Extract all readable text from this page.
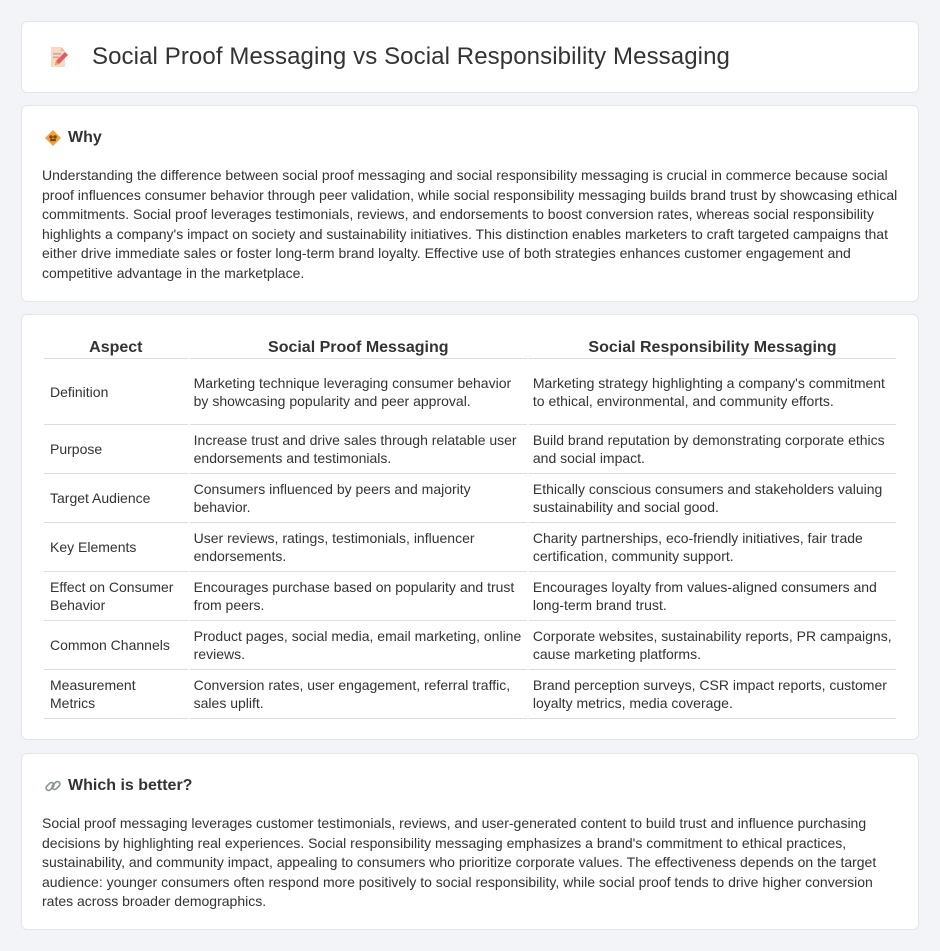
Social Proof Messaging vs Social Responsibility Messaging
Why

Understanding the difference between social proof messaging and social responsibility messaging is crucial in commerce because social proof influences consumer behavior through peer validation, while social responsibility messaging builds brand trust by showcasing ethical commitments. Social proof leverages testimonials, reviews, and endorsements to boost conversion rates, whereas social responsibility highlights a company's impact on society and sustainability initiatives. This distinction enables marketers to craft targeted campaigns that either drive immediate sales or foster long-term brand loyalty. Effective use of both strategies enhances customer engagement and competitive advantage in the marketplace.

Aspect	Social Proof Messaging	Social Responsibility Messaging
Definition	Marketing technique leveraging consumer behavior by showcasing popularity and peer approval.	Marketing strategy highlighting a company's commitment to ethical, environmental, and community efforts.
Purpose	Increase trust and drive sales through relatable user endorsements and testimonials.	Build brand reputation by demonstrating corporate ethics and social impact.
Target Audience	Consumers influenced by peers and majority behavior.	Ethically conscious consumers and stakeholders valuing sustainability and social good.
Key Elements	User reviews, ratings, testimonials, influencer endorsements.	Charity partnerships, eco-friendly initiatives, fair trade certification, community support.
Effect on Consumer Behavior	Encourages purchase based on popularity and trust from peers.	Encourages loyalty from values-aligned consumers and long-term brand trust.
Common Channels	Product pages, social media, email marketing, online reviews.	Corporate websites, sustainability reports, PR campaigns, cause marketing platforms.
Measurement Metrics	Conversion rates, user engagement, referral traffic, sales uplift.	Brand perception surveys, CSR impact reports, customer loyalty metrics, media coverage.
Which is better?

Social proof messaging leverages customer testimonials, reviews, and user-generated content to build trust and influence purchasing decisions by highlighting real experiences. Social responsibility messaging emphasizes a brand's commitment to ethical practices, sustainability, and community impact, appealing to consumers who prioritize corporate values. The effectiveness depends on the target audience: younger consumers often respond more positively to social responsibility, while social proof tends to drive higher conversion rates across broader demographics.
